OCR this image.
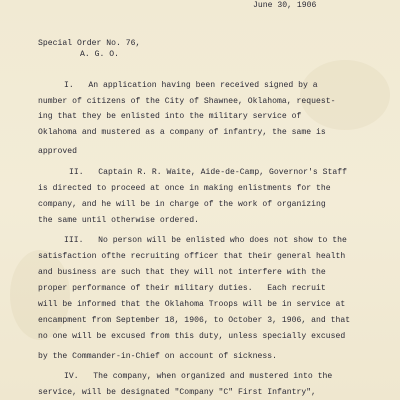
June 30, 1906
Special Order No. 76,
A. G. O.
I.   An application having been received signed by a
number of citizens of the City of Shawnee, Oklahoma, request-
ing that they be enlisted into the military service of
Oklahoma and mustered as a company of infantry, the same is
approved
II.   Captain R. R. Waite, Aide-de-Camp, Governor's Staff
is directed to proceed at once in making enlistments for the
company, and he will be in charge of the work of organizing
the same until otherwise ordered.
III.   No person will be enlisted who does not show to the
satisfaction ofthe recruiting officer that their general health
and business are such that they will not interfere with the
proper performance of their military duties.   Each recruit
will be informed that the Oklahoma Troops will be in service at
encampment from September 18, 1906, to October 3, 1906, and that
no one will be excused from this duty, unless specially excused
by the Commander-in-Chief on account of sickness.
IV.   The company, when organized and mustered into the
service, will be designated "Company "C" First Infantry",
